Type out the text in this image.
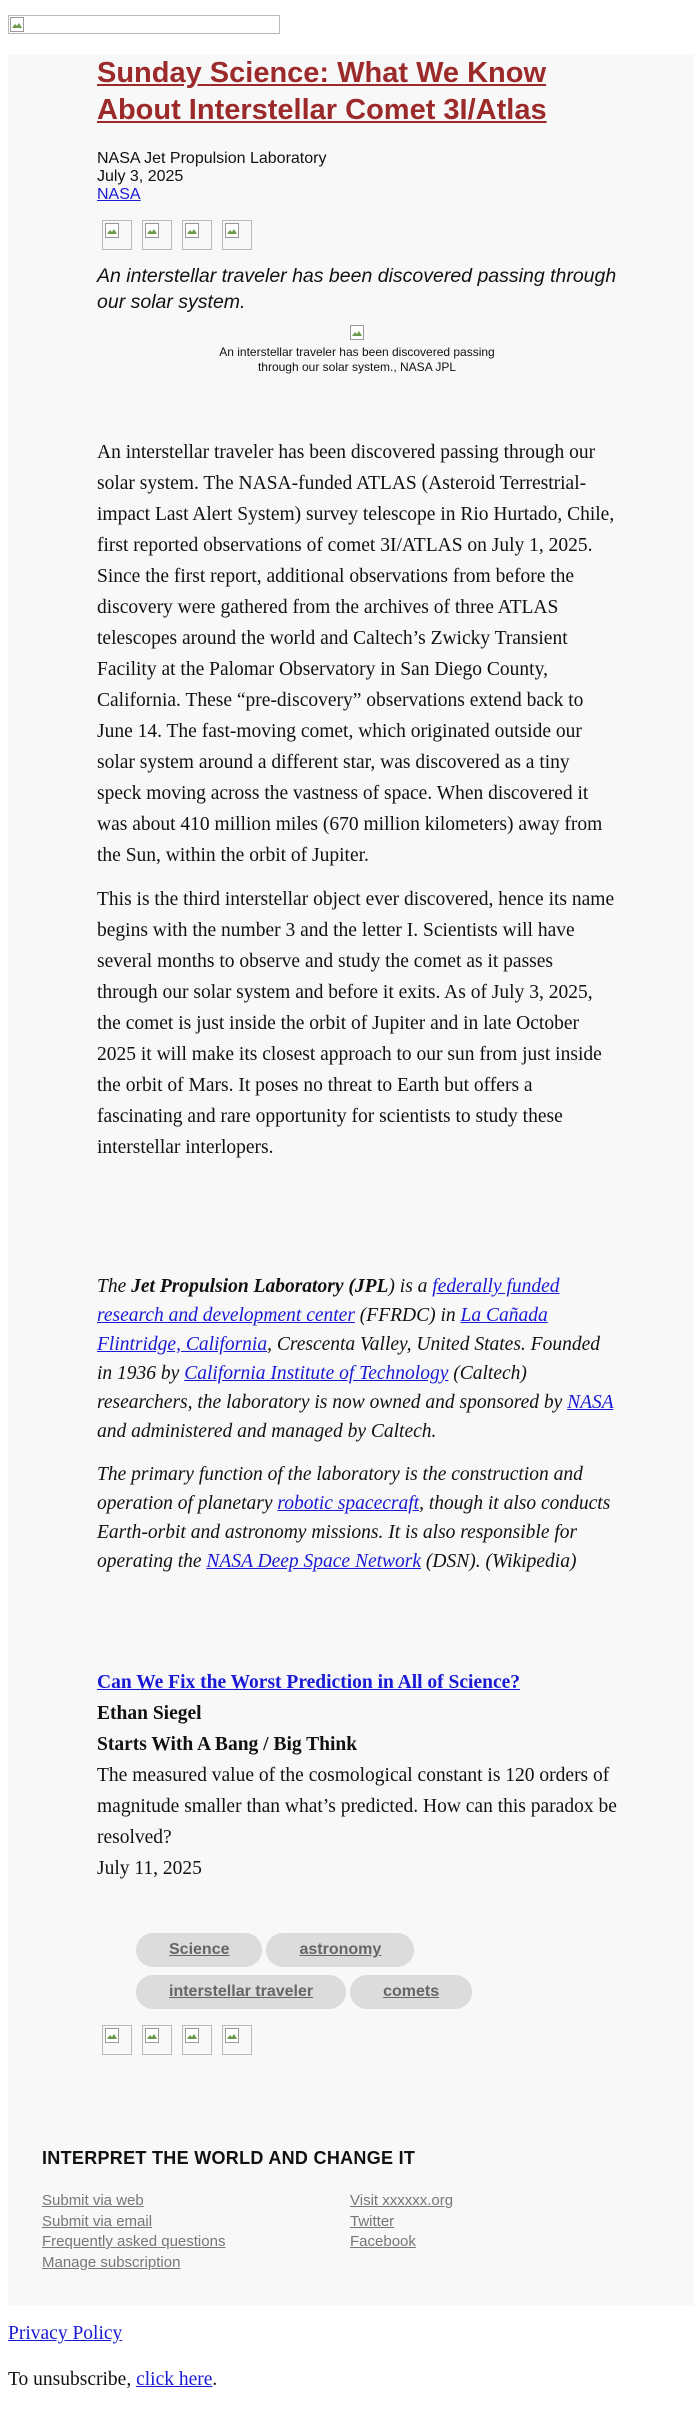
Sunday Science: What We Know About Interstellar Comet 3I/Atlas
NASA Jet Propulsion Laboratory
July 3, 2025
NASA
An interstellar traveler has been discovered passing through our solar system.
An interstellar traveler has been discovered passing through our solar system., NASA JPL

An interstellar traveler has been discovered passing through our solar system. The NASA-funded ATLAS (Asteroid Terrestrial-impact Last Alert System) survey telescope in Rio Hurtado, Chile, first reported observations of comet 3I/ATLAS on July 1, 2025. Since the first report, additional observations from before the discovery were gathered from the archives of three ATLAS telescopes around the world and Caltech’s Zwicky Transient Facility at the Palomar Observatory in San Diego County, California. These “pre-discovery” observations extend back to June 14. The fast-moving comet, which originated outside our solar system around a different star, was discovered as a tiny speck moving across the vastness of space. When discovered it was about 410 million miles (670 million kilometers) away from the Sun, within the orbit of Jupiter.

This is the third interstellar object ever discovered, hence its name begins with the number 3 and the letter I. Scientists will have several months to observe and study the comet as it passes through our solar system and before it exits. As of July 3, 2025, the comet is just inside the orbit of Jupiter and in late October 2025 it will make its closest approach to our sun from just inside the orbit of Mars. It poses no threat to Earth but offers a fascinating and rare opportunity for scientists to study these interstellar interlopers.

The Jet Propulsion Laboratory (JPL) is a federally funded research and development center (FFRDC) in La Cañada Flintridge, California, Crescenta Valley, United States. Founded in 1936 by California Institute of Technology (Caltech) researchers, the laboratory is now owned and sponsored by NASA and administered and managed by Caltech.

The primary function of the laboratory is the construction and operation of planetary robotic spacecraft, though it also conducts Earth-orbit and astronomy missions. It is also responsible for operating the NASA Deep Space Network (DSN). (Wikipedia)

Can We Fix the Worst Prediction in All of Science?
Ethan Siegel
Starts With A Bang / Big Think
The measured value of the cosmological constant is 120 orders of magnitude smaller than what’s predicted. How can this paradox be resolved?
July 11, 2025
Science	astronomy
interstellar traveler	comets
INTERPRET THE WORLD AND CHANGE IT
Submit via web
Submit via email
Frequently asked questions
Manage subscription
Visit xxxxxx.org
Twitter
Facebook
Privacy Policy
To unsubscribe, click here.
